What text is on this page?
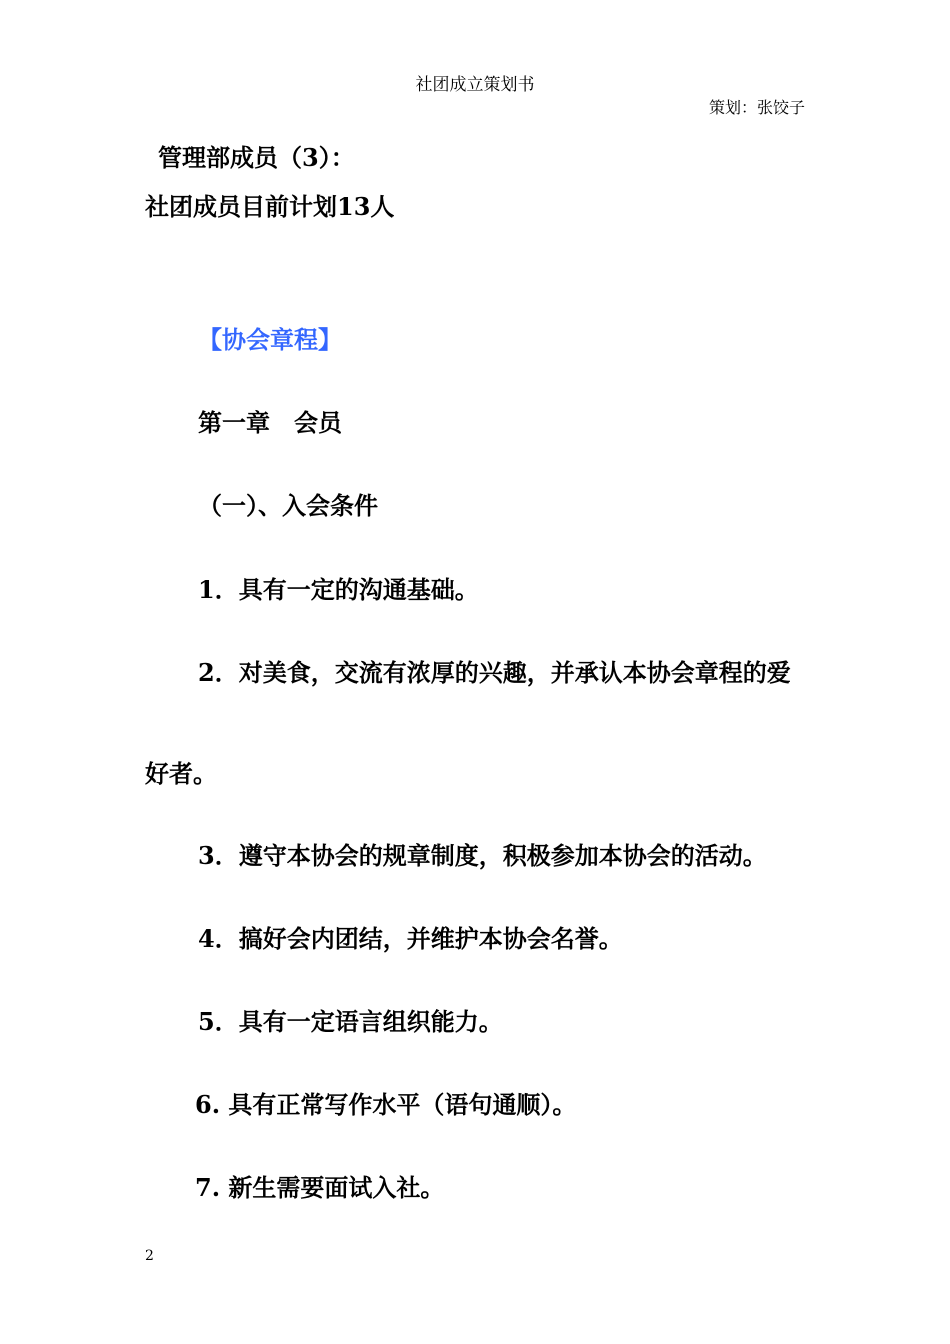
社团成立策划书
策划：张饺子
管理部成员（3）：
社团成员目前计划13人
【协会章程】
第一章　会员
（一）、入会条件
1．具有一定的沟通基础。
2．对美食，交流有浓厚的兴趣，并承认本协会章程的爱
好者。
3．遵守本协会的规章制度，积极参加本协会的活动。
4．搞好会内团结，并维护本协会名誉。
5．具有一定语言组织能力。
6. 具有正常写作水平（语句通顺）。
7. 新生需要面试入社。
2
